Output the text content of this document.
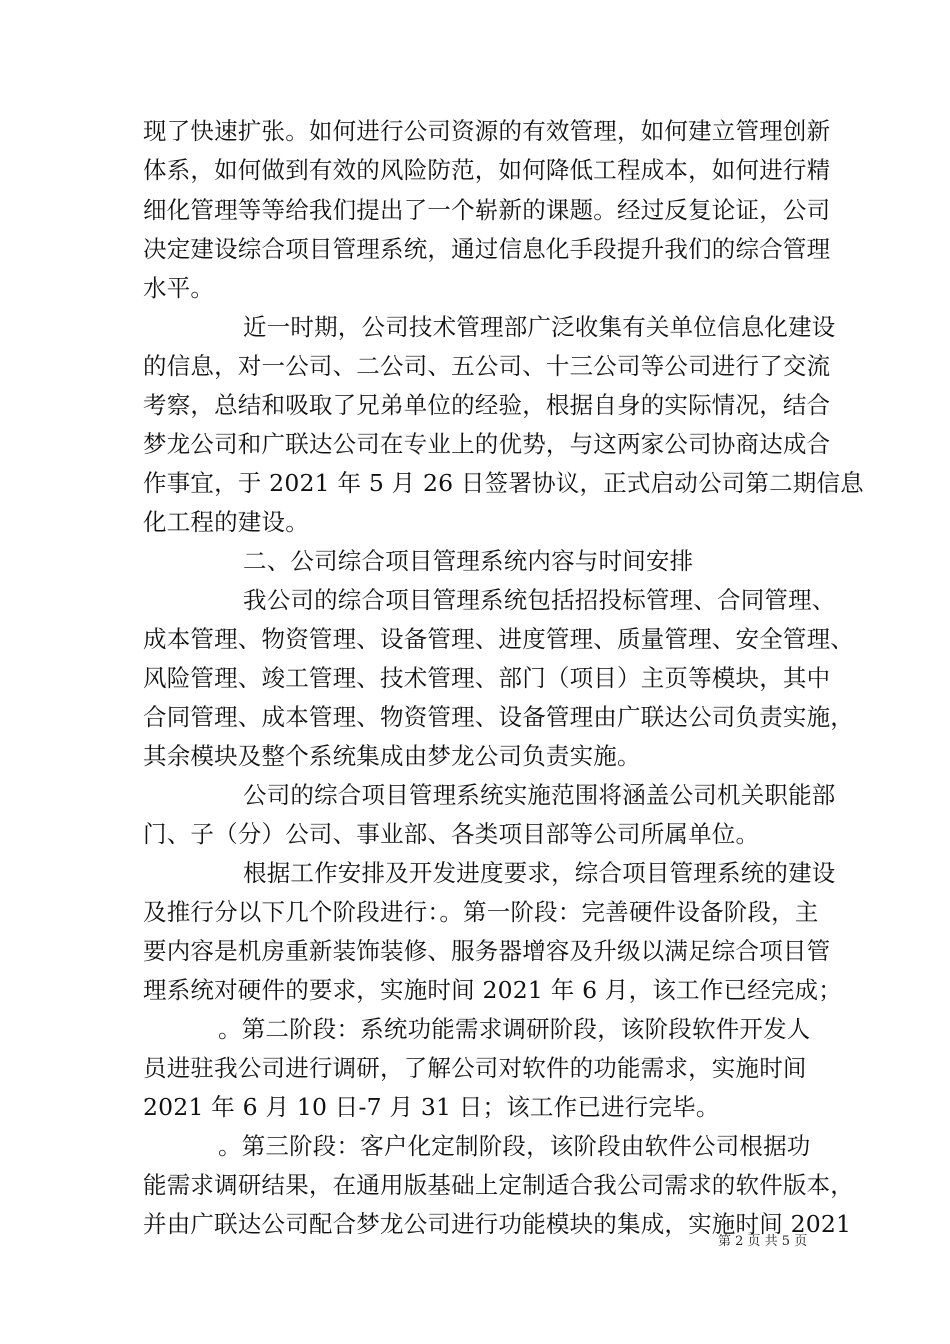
现了快速扩张。如何进行公司资源的有效管理，如何建立管理创新
体系，如何做到有效的风险防范，如何降低工程成本，如何进行精
细化管理等等给我们提出了一个崭新的课题。经过反复论证，公司
决定建设综合项目管理系统，通过信息化手段提升我们的综合管理
水平。
近一时期，公司技术管理部广泛收集有关单位信息化建设
的信息，对一公司、二公司、五公司、十三公司等公司进行了交流
考察，总结和吸取了兄弟单位的经验，根据自身的实际情况，结合
梦龙公司和广联达公司在专业上的优势，与这两家公司协商达成合
作事宜，于 2021 年 5 月 26 日签署协议，正式启动公司第二期信息
化工程的建设。
二、公司综合项目管理系统内容与时间安排
我公司的综合项目管理系统包括招投标管理、合同管理、
成本管理、物资管理、设备管理、进度管理、质量管理、安全管理、
风险管理、竣工管理、技术管理、部门（项目）主页等模块，其中
合同管理、成本管理、物资管理、设备管理由广联达公司负责实施，
其余模块及整个系统集成由梦龙公司负责实施。
公司的综合项目管理系统实施范围将涵盖公司机关职能部
门、子（分）公司、事业部、各类项目部等公司所属单位。
根据工作安排及开发进度要求，综合项目管理系统的建设
及推行分以下几个阶段进行：。第一阶段：完善硬件设备阶段，主
要内容是机房重新装饰装修、服务器增容及升级以满足综合项目管
理系统对硬件的要求，实施时间 2021 年 6 月，该工作已经完成；
。第二阶段：系统功能需求调研阶段，该阶段软件开发人
员进驻我公司进行调研，了解公司对软件的功能需求，实施时间
2021 年 6 月 10 日-7 月 31 日；该工作已进行完毕。
。第三阶段：客户化定制阶段，该阶段由软件公司根据功
能需求调研结果，在通用版基础上定制适合我公司需求的软件版本，
并由广联达公司配合梦龙公司进行功能模块的集成，实施时间 2021
第 2 页 共 5 页
